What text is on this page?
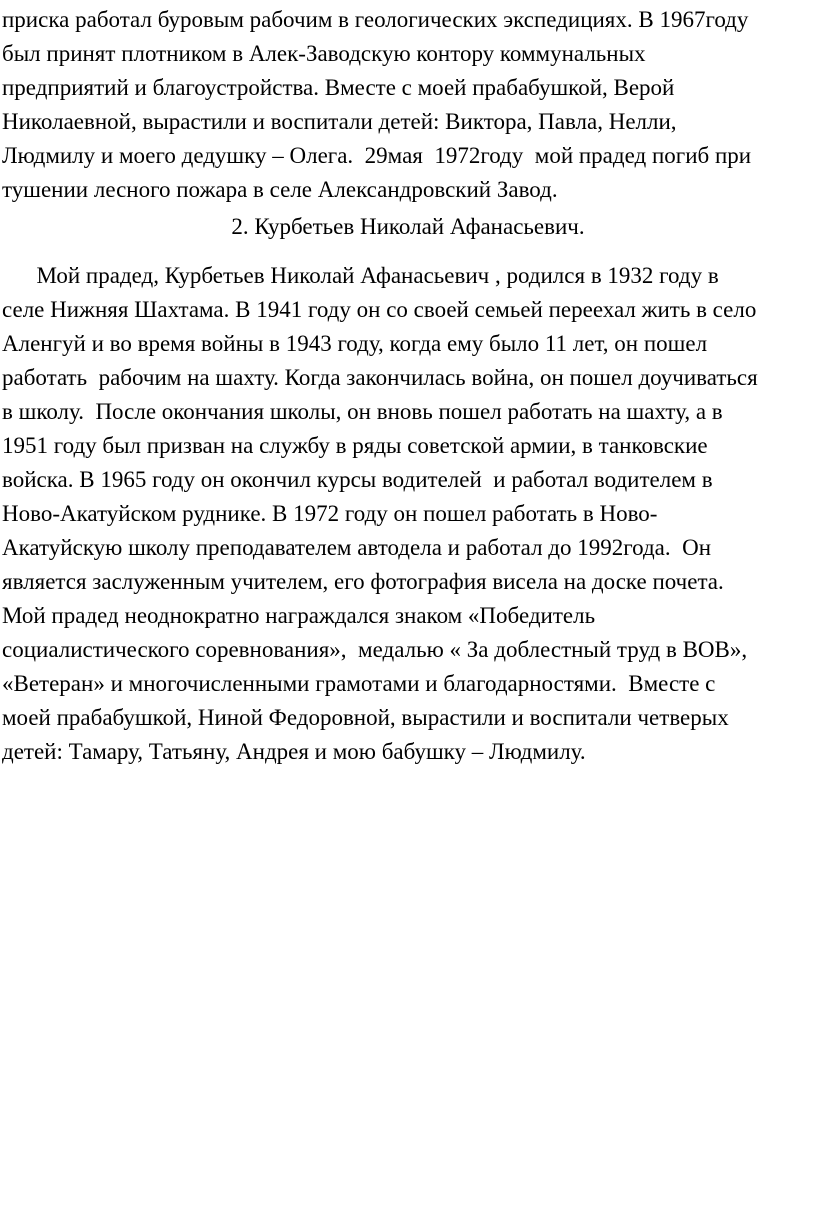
приска работал буровым рабочим в геологических экспедициях. В 1967году
был принят плотником в Алек-Заводскую контору коммунальных
предприятий и благоустройства. Вместе с моей прабабушкой, Верой
Николаевной, вырастили и воспитали детей: Виктора, Павла, Нелли,
Людмилу и моего дедушку – Олега.  29мая  1972году  мой прадед погиб при
тушении лесного пожара в селе Александровский Завод.
2. Курбетьев Николай Афанасьевич.
Мой прадед, Курбетьев Николай Афанасьевич , родился в 1932 году в
селе Нижняя Шахтама. В 1941 году он со своей семьей переехал жить в село
Аленгуй и во время войны в 1943 году, когда ему было 11 лет, он пошел
работать  рабочим на шахту. Когда закончилась война, он пошел доучиваться
в школу.  После окончания школы, он вновь пошел работать на шахту, а в
1951 году был призван на службу в ряды советской армии, в танковские
войска. В 1965 году он окончил курсы водителей  и работал водителем в
Ново-Акатуйском руднике. В 1972 году он пошел работать в Ново-
Акатуйскую школу преподавателем автодела и работал до 1992года.  Он
является заслуженным учителем, его фотография висела на доске почета.
Мой прадед неоднократно награждался знаком «Победитель
социалистического соревнования»,  медалью « За доблестный труд в ВОВ»,
«Ветеран» и многочисленными грамотами и благодарностями.  Вместе с
моей прабабушкой, Ниной Федоровной, вырастили и воспитали четверых
детей: Тамару, Татьяну, Андрея и мою бабушку – Людмилу.
